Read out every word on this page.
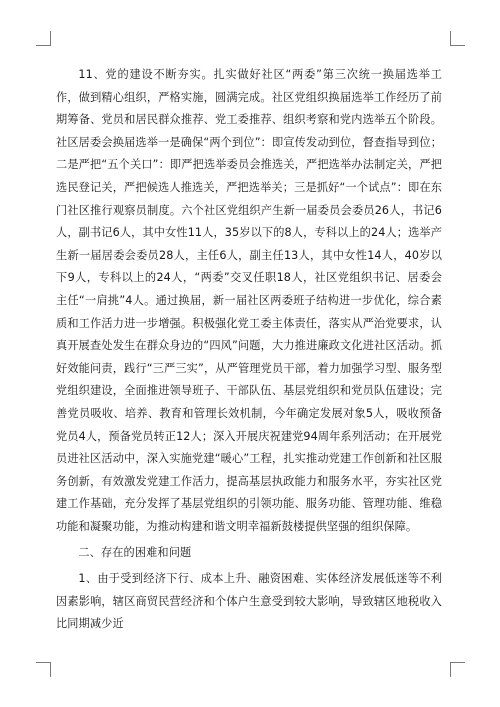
11、党的建设不断夯实。扎实做好社区“两委”第三次统一换届选举工作，做到精心组织，严格实施，圆满完成。社区党组织换届选举工作经历了前期筹备、党员和居民群众推荐、党工委推荐、组织考察和党内选举五个阶段。社区居委会换届选举一是确保“两个到位”：即宣传发动到位，督查指导到位；二是严把“五个关口”：即严把选举委员会推选关，严把选举办法制定关，严把选民登记关，严把候选人推选关，严把选举关；三是抓好“一个试点”：即在东门社区推行观察员制度。六个社区党组织产生新一届委员会委员26人，书记6人，副书记6人，其中女性11人，35岁以下的8人，专科以上的24人；选举产生新一届居委会委员28人，主任6人，副主任13人，其中女性14人，40岁以下9人，专科以上的24人，“两委”交叉任职18人，社区党组织书记、居委会主任“一肩挑”4人。通过换届，新一届社区两委班子结构进一步优化，综合素质和工作活力进一步增强。积极强化党工委主体责任，落实从严治党要求，认真开展查处发生在群众身边的“四风”问题，大力推进廉政文化进社区活动。抓好效能问责，践行“三严三实”，从严管理党员干部，着力加强学习型、服务型党组织建设，全面推进领导班子、干部队伍、基层党组织和党员队伍建设；完善党员吸收、培养、教育和管理长效机制，今年确定发展对象5人，吸收预备党员4人，预备党员转正12人；深入开展庆祝建党94周年系列活动；在开展党员进社区活动中，深入实施党建“暖心”工程，扎实推动党建工作创新和社区服务创新，有效激发党建工作活力，提高基层执政能力和服务水平，夯实社区党建工作基础，充分发挥了基层党组织的引领功能、服务功能、管理功能、维稳功能和凝聚功能，为推动构建和谐文明幸福新鼓楼提供坚强的组织保障。

二、存在的困难和问题

1、由于受到经济下行、成本上升、融资困难、实体经济发展低迷等不利因素影响，辖区商贸民营经济和个体户生意受到较大影响，导致辖区地税收入比同期减少近
